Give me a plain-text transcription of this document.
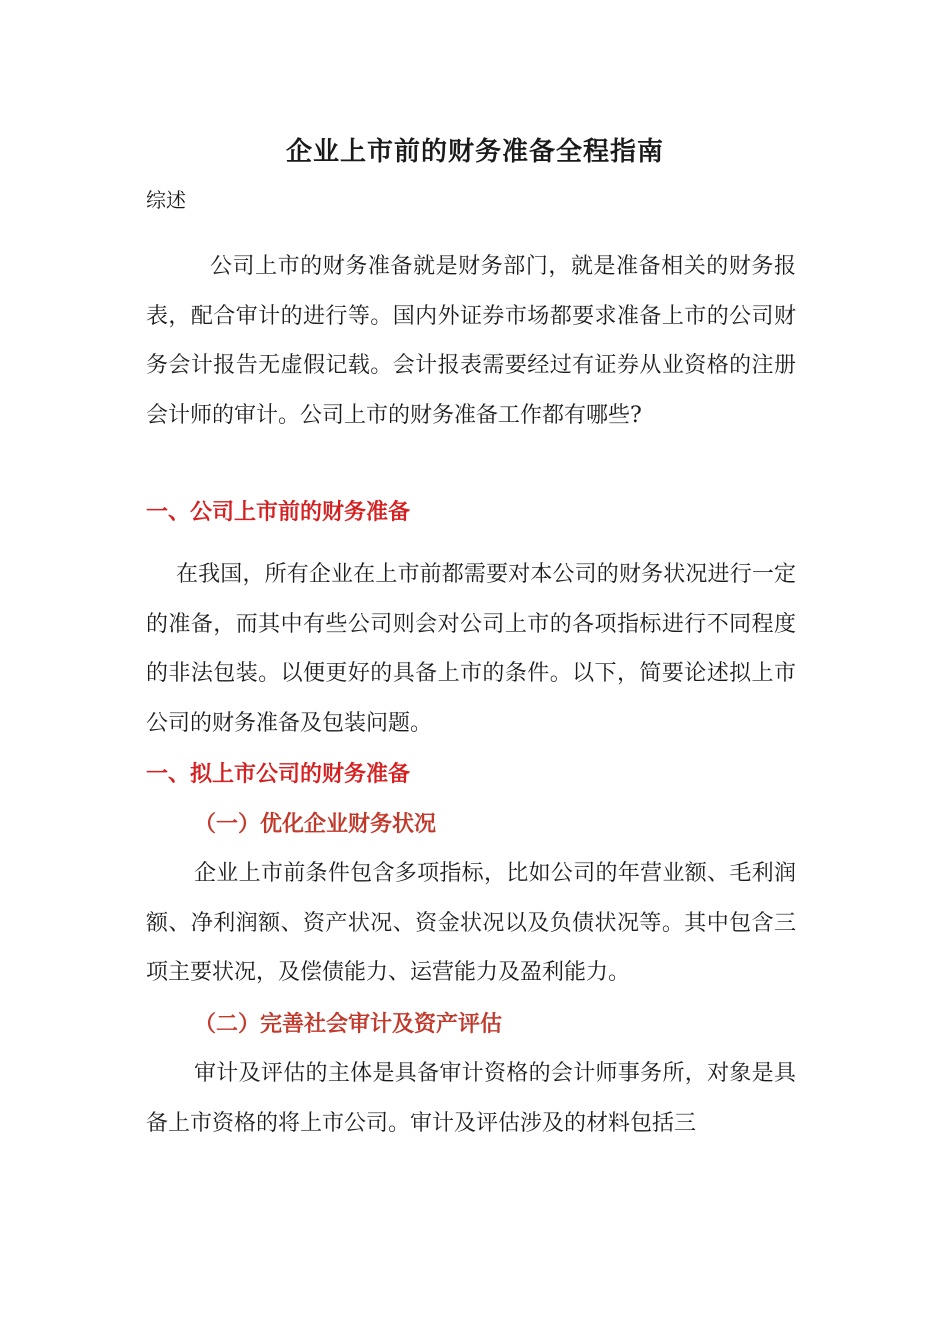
企业上市前的财务准备全程指南

综述

公司上市的财务准备就是财务部门，就是准备相关的财务报表，配合审计的进行等。国内外证券市场都要求准备上市的公司财务会计报告无虚假记载。会计报表需要经过有证券从业资格的注册会计师的审计。公司上市的财务准备工作都有哪些?

一、公司上市前的财务准备

在我国，所有企业在上市前都需要对本公司的财务状况进行一定的准备，而其中有些公司则会对公司上市的各项指标进行不同程度的非法包装。以便更好的具备上市的条件。以下，简要论述拟上市公司的财务准备及包装问题。

一、拟上市公司的财务准备
（一）优化企业财务状况

企业上市前条件包含多项指标，比如公司的年营业额、毛利润额、净利润额、资产状况、资金状况以及负债状况等。其中包含三项主要状况，及偿债能力、运营能力及盈利能力。

（二）完善社会审计及资产评估

审计及评估的主体是具备审计资格的会计师事务所，对象是具备上市资格的将上市公司。审计及评估涉及的材料包括三
